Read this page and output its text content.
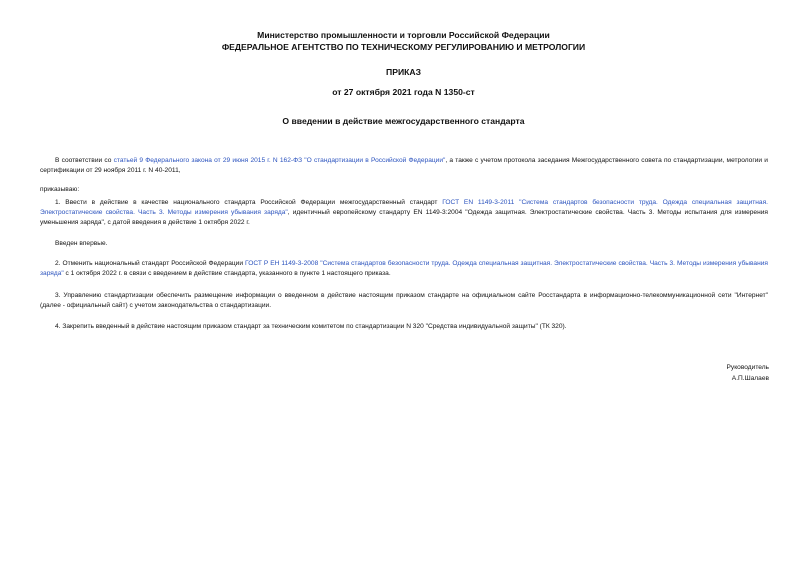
Министерство промышленности и торговли Российской Федерации
ФЕДЕРАЛЬНОЕ АГЕНТСТВО ПО ТЕХНИЧЕСКОМУ РЕГУЛИРОВАНИЮ И МЕТРОЛОГИИ
ПРИКАЗ
от 27 октября 2021 года N 1350-ст
О введении в действие межгосударственного стандарта
В соответствии со статьей 9 Федерального закона от 29 июня 2015 г. N 162-ФЗ "О стандартизации в Российской Федерации", а также с учетом протокола заседания Межгосударственного совета по стандартизации, метрологии и сертификации от 29 ноября 2011 г. N 40-2011,
приказываю:
1. Ввести в действие в качестве национального стандарта Российской Федерации межгосударственный стандарт ГОСТ EN 1149-3-2011 "Система стандартов безопасности труда. Одежда специальная защитная. Электростатические свойства. Часть 3. Методы измерения убывания заряда", идентичный европейскому стандарту EN 1149-3:2004 "Одежда защитная. Электростатические свойства. Часть 3. Методы испытания для измерения уменьшения заряда", с датой введения в действие 1 октября 2022 г.
Введен впервые.
2. Отменить национальный стандарт Российской Федерации ГОСТ Р ЕН 1149-3-2008 "Система стандартов безопасности труда. Одежда специальная защитная. Электростатические свойства. Часть 3. Методы измерения убывания заряда" с 1 октября 2022 г. в связи с введением в действие стандарта, указанного в пункте 1 настоящего приказа.
3. Управлению стандартизации обеспечить размещение информации о введенном в действие настоящим приказом стандарте на официальном сайте Росстандарта в информационно-телекоммуникационной сети "Интернет" (далее - официальный сайт) с учетом законодательства о стандартизации.
4. Закрепить введенный в действие настоящим приказом стандарт за техническим комитетом по стандартизации N 320 "Средства индивидуальной защиты" (ТК 320).
Руководитель
А.П.Шалаев
